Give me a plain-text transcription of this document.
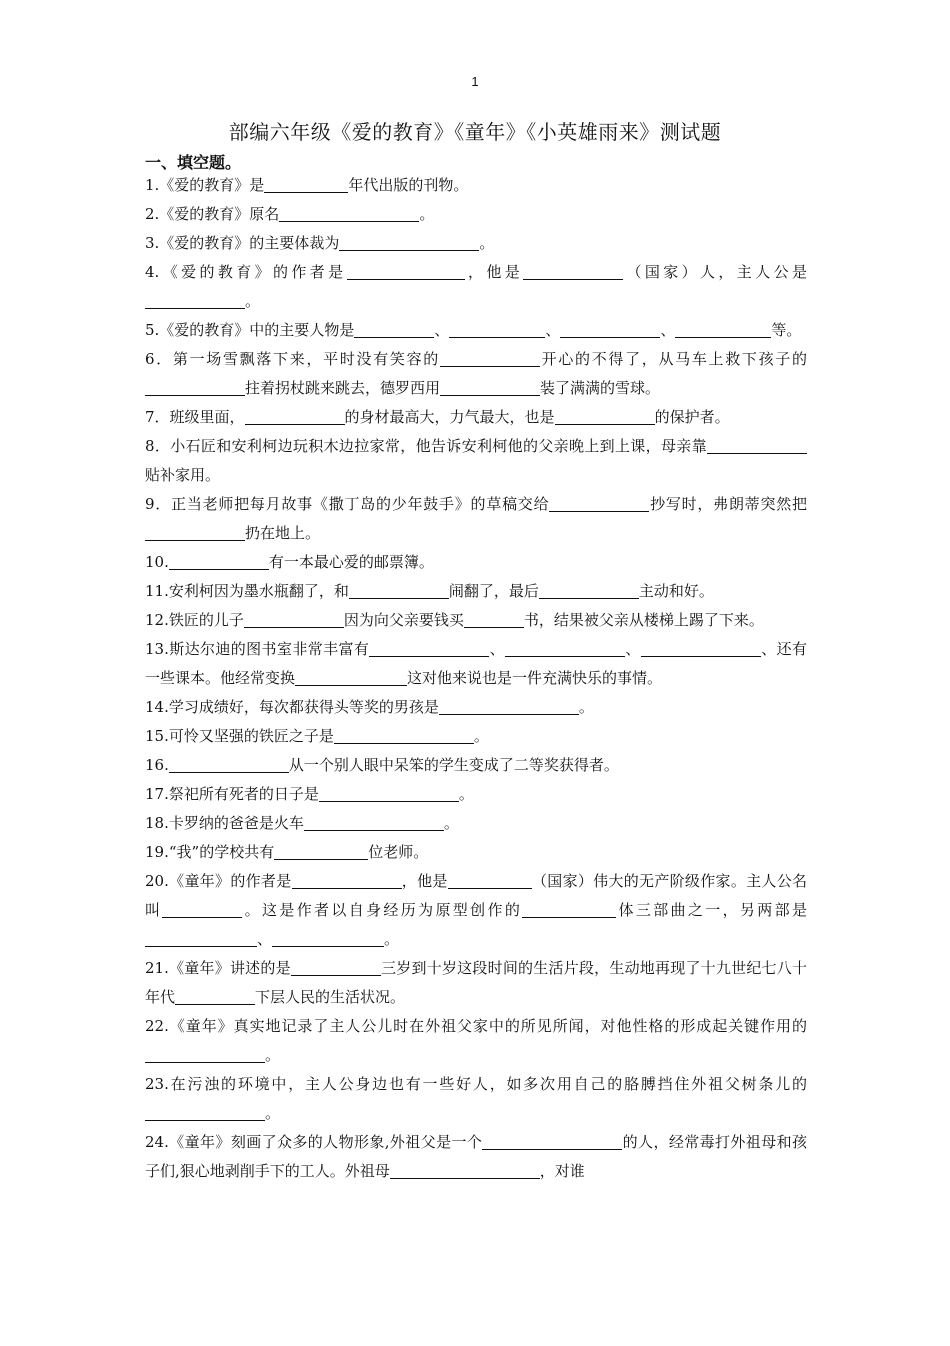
1
部编六年级《爱的教育》《童年》《小英雄雨来》测试题
一、填空题。

1.《爱的教育》是	年代出版的刊物。

2.《爱的教育》原名	。

3.《爱的教育》的主要体裁为	。

4.《爱的教育》的作者是	，他是	（国家）人，主人公是。

5.《爱的教育》中的主要人物是	、	、	、	等。

6．第一场雪飘落下来，平时没有笑容的	开心的不得了，从马车上救下孩子的拄着拐杖跳来跳去，德罗西用	装了满满的雪球。

7．班级里面，	的身材最高大，力气最大，也是	的保护者。

8．小石匠和安利柯边玩积木边拉家常，他告诉安利柯他的父亲晚上到上课，母亲靠贴补家用。

9．正当老师把每月故事《撒丁岛的少年鼓手》的草稿交给	抄写时，弗朗蒂突然把扔在地上。

10.	有一本最心爱的邮票簿。

11.安利柯因为墨水瓶翻了，和	闹翻了，最后	主动和好。

12.铁匠的儿子	因为向父亲要钱买	书，结果被父亲从楼梯上踢了下来。

13.斯达尔迪的图书室非常丰富有	、	、	、还有一些课本。他经常变换	这对他来说也是一件充满快乐的事情。

14.学习成绩好，每次都获得头等奖的男孩是	。

15.可怜又坚强的铁匠之子是	。

16.	从一个别人眼中呆笨的学生变成了二等奖获得者。

17.祭祀所有死者的日子是	。

18.卡罗纳的爸爸是火车	。

19.“我”的学校共有	位老师。

20.《童年》的作者是	，他是	（国家）伟大的无产阶级作家。主人公名叫	。这是作者以自身经历为原型创作的	体三部曲之一，另两部是、	。

21.《童年》讲述的是	三岁到十岁这段时间的生活片段，生动地再现了十九世纪七八十年代	下层人民的生活状况。

22.《童年》真实地记录了主人公儿时在外祖父家中的所见所闻，对他性格的形成起关键作用的。

23.在污浊的环境中，主人公身边也有一些好人，如多次用自己的胳膊挡住外祖父树条儿的。

24.《童年》刻画了众多的人物形象,外祖父是一个	的人，经常毒打外祖母和孩子们,狠心地剥削手下的工人。外祖母	，对谁
